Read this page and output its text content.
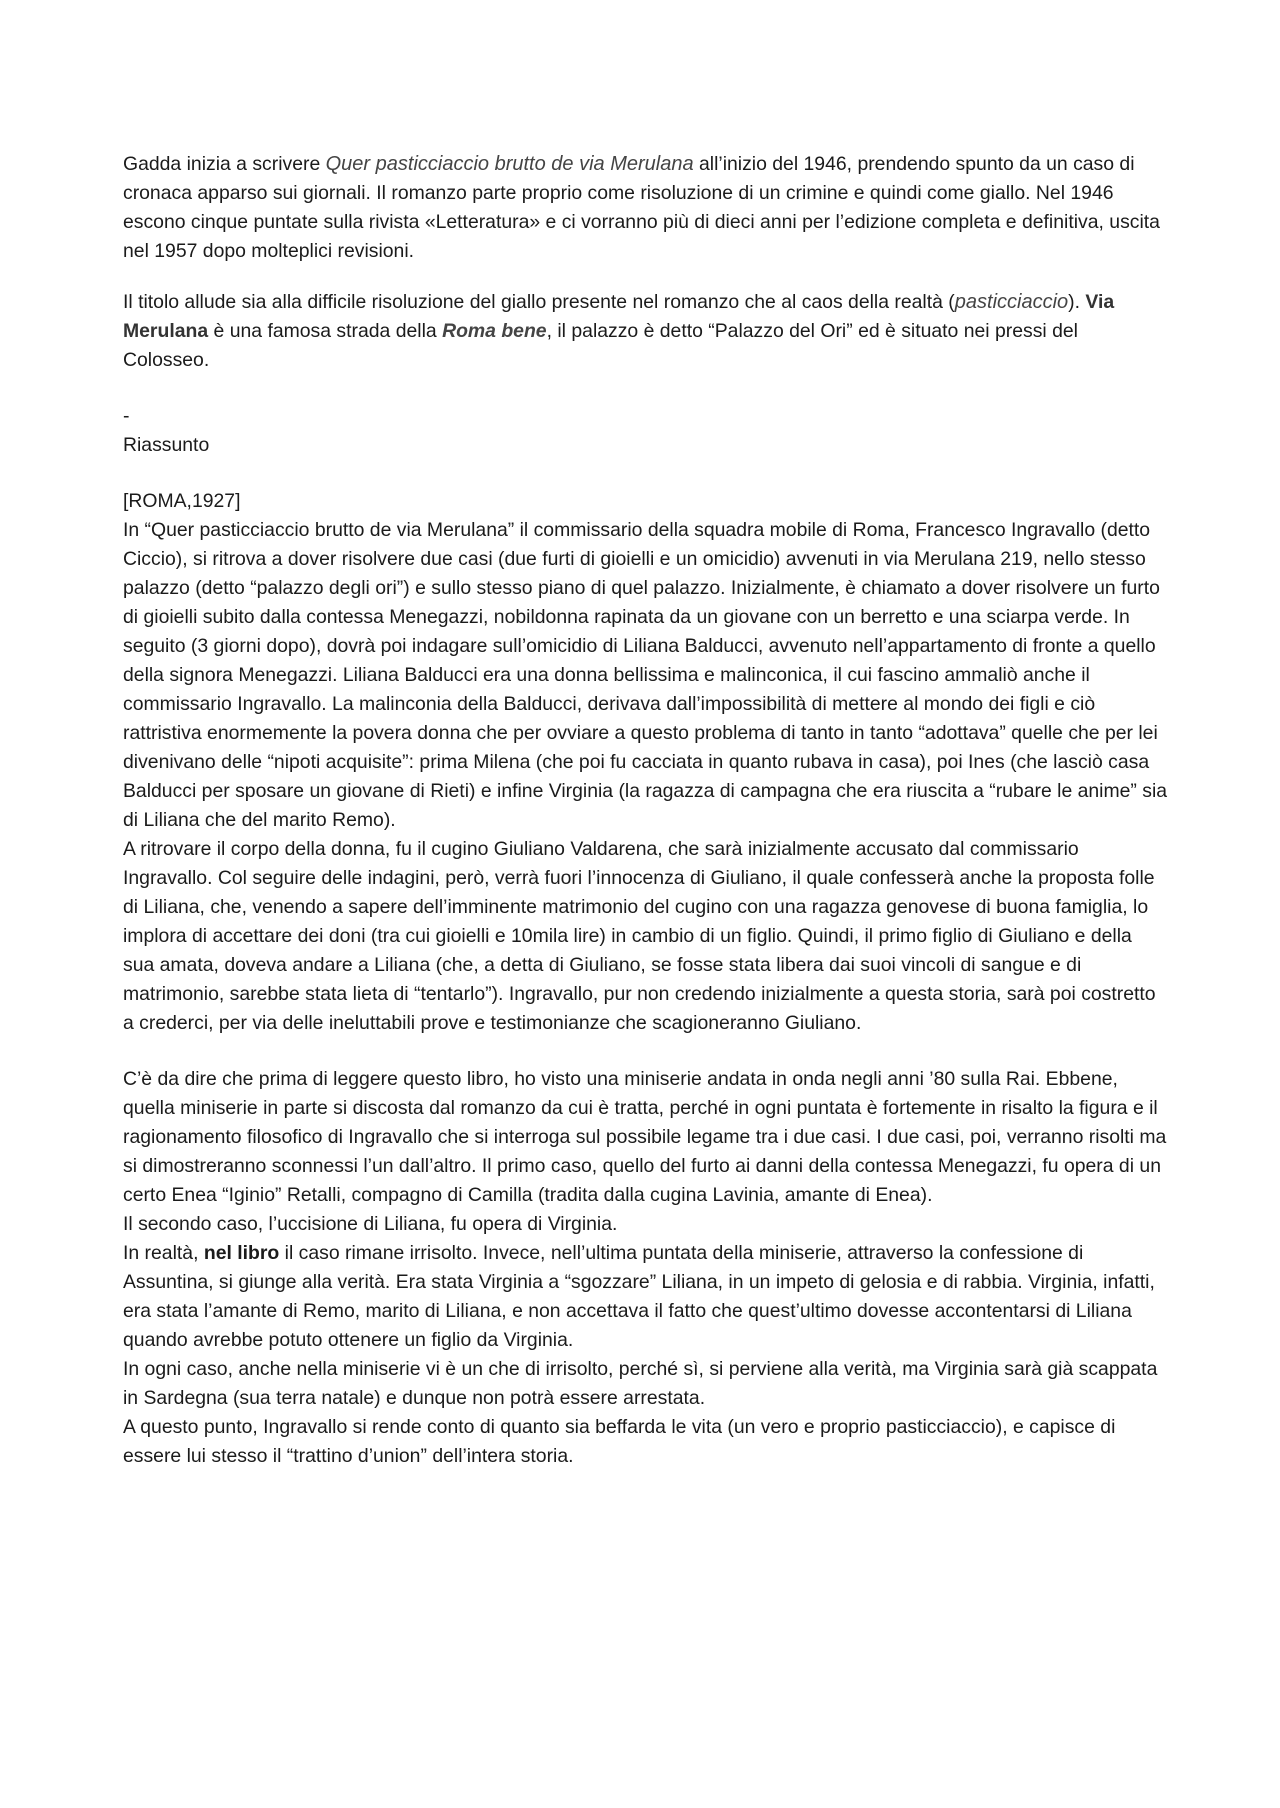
Gadda inizia a scrivere Quer pasticciaccio brutto de via Merulana all’inizio del 1946, prendendo spunto da un caso di cronaca apparso sui giornali. Il romanzo parte proprio come risoluzione di un crimine e quindi come giallo. Nel 1946 escono cinque puntate sulla rivista «Letteratura» e ci vorranno più di dieci anni per l’edizione completa e definitiva, uscita nel 1957 dopo molteplici revisioni.

Il titolo allude sia alla difficile risoluzione del giallo presente nel romanzo che al caos della realtà (pasticciaccio). Via Merulana è una famosa strada della Roma bene, il palazzo è detto “Palazzo del Ori” ed è situato nei pressi del Colosseo.

-

Riassunto

[ROMA,1927]

In “Quer pasticciaccio brutto de via Merulana” il commissario della squadra mobile di Roma, Francesco Ingravallo (detto Ciccio), si ritrova a dover risolvere due casi (due furti di gioielli e un omicidio) avvenuti in via Merulana 219, nello stesso palazzo (detto “palazzo degli ori”) e sullo stesso piano di quel palazzo. Inizialmente, è chiamato a dover risolvere un furto di gioielli subito dalla contessa Menegazzi, nobildonna rapinata da un giovane con un berretto e una sciarpa verde. In seguito (3 giorni dopo), dovrà poi indagare sull’omicidio di Liliana Balducci, avvenuto nell’appartamento di fronte a quello della signora Menegazzi. Liliana Balducci era una donna bellissima e malinconica, il cui fascino ammaliò anche il commissario Ingravallo. La malinconia della Balducci, derivava dall’impossibilità di mettere al mondo dei figli e ciò rattristiva enormemente la povera donna che per ovviare a questo problema di tanto in tanto “adottava” quelle che per lei divenivano delle “nipoti acquisite”: prima Milena (che poi fu cacciata in quanto rubava in casa), poi Ines (che lasciò casa Balducci per sposare un giovane di Rieti) e infine Virginia (la ragazza di campagna che era riuscita a “rubare le anime” sia di Liliana che del marito Remo).

A ritrovare il corpo della donna, fu il cugino Giuliano Valdarena, che sarà inizialmente accusato dal commissario Ingravallo. Col seguire delle indagini, però, verrà fuori l’innocenza di Giuliano, il quale confesserà anche la proposta folle di Liliana, che, venendo a sapere dell’imminente matrimonio del cugino con una ragazza genovese di buona famiglia, lo implora di accettare dei doni (tra cui gioielli e 10mila lire) in cambio di un figlio. Quindi, il primo figlio di Giuliano e della sua amata, doveva andare a Liliana (che, a detta di Giuliano, se fosse stata libera dai suoi vincoli di sangue e di matrimonio, sarebbe stata lieta di “tentarlo”). Ingravallo, pur non credendo inizialmente a questa storia, sarà poi costretto a crederci, per via delle ineluttabili prove e testimonianze che scagioneranno Giuliano.

C’è da dire che prima di leggere questo libro, ho visto una miniserie andata in onda negli anni ’80 sulla Rai. Ebbene, quella miniserie in parte si discosta dal romanzo da cui è tratta, perché in ogni puntata è fortemente in risalto la figura e il ragionamento filosofico di Ingravallo che si interroga sul possibile legame tra i due casi. I due casi, poi, verranno risolti ma si dimostreranno sconnessi l’un dall’altro. Il primo caso, quello del furto ai danni della contessa Menegazzi, fu opera di un certo Enea “Iginio” Retalli, compagno di Camilla (tradita dalla cugina Lavinia, amante di Enea).

Il secondo caso, l’uccisione di Liliana, fu opera di Virginia.

In realtà, nel libro il caso rimane irrisolto. Invece, nell’ultima puntata della miniserie, attraverso la confessione di Assuntina, si giunge alla verità. Era stata Virginia a “sgozzare” Liliana, in un impeto di gelosia e di rabbia. Virginia, infatti, era stata l’amante di Remo, marito di Liliana, e non accettava il fatto che quest’ultimo dovesse accontentarsi di Liliana quando avrebbe potuto ottenere un figlio da Virginia.

In ogni caso, anche nella miniserie vi è un che di irrisolto, perché sì, si perviene alla verità, ma Virginia sarà già scappata in Sardegna (sua terra natale) e dunque non potrà essere arrestata.

A questo punto, Ingravallo si rende conto di quanto sia beffarda le vita (un vero e proprio pasticciaccio), e capisce di essere lui stesso il “trattino d’union” dell’intera storia.
